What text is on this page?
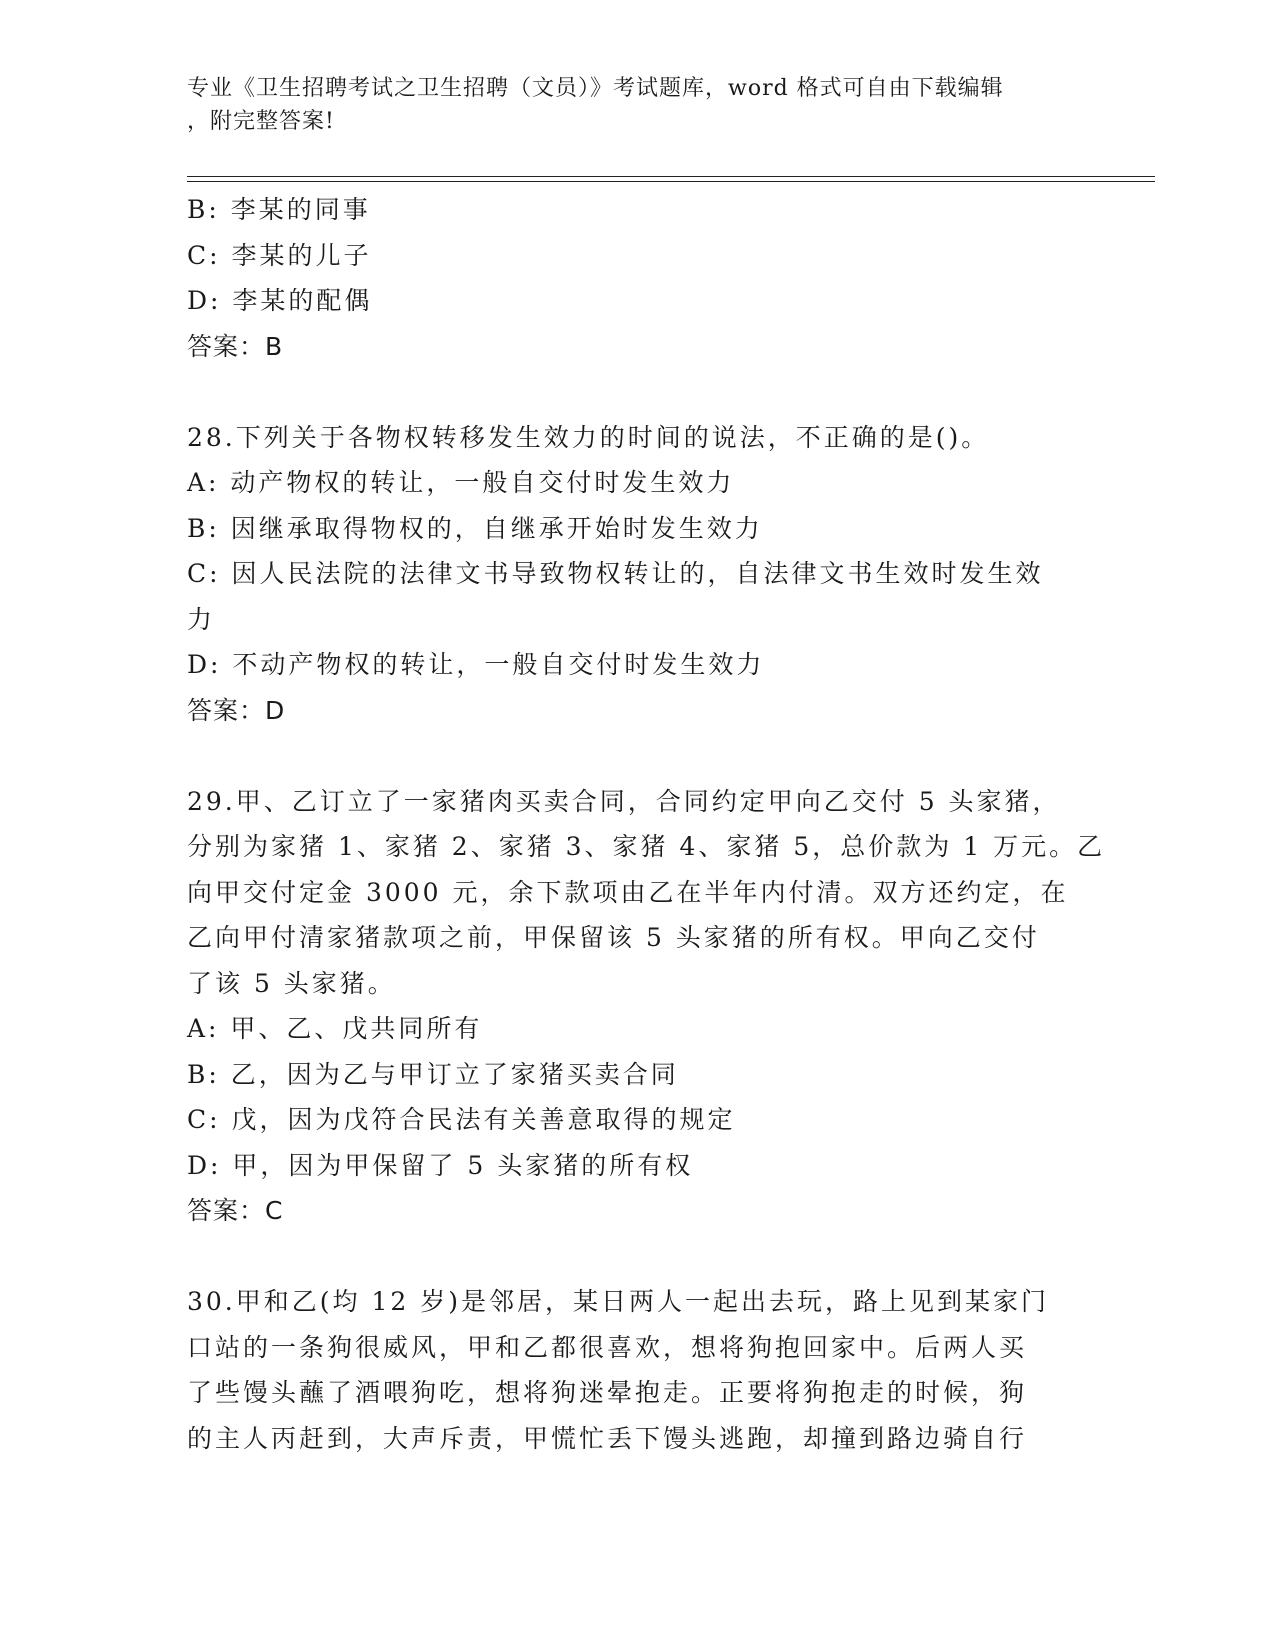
专业《卫生招聘考试之卫生招聘（文员）》考试题库，word 格式可自由下载编辑
，附完整答案!
B: 李某的同事
C: 李某的儿子
D: 李某的配偶
答案：B
28.下列关于各物权转移发生效力的时间的说法，不正确的是()。
A: 动产物权的转让，一般自交付时发生效力
B: 因继承取得物权的，自继承开始时发生效力
C: 因人民法院的法律文书导致物权转让的，自法律文书生效时发生效
力
D: 不动产物权的转让，一般自交付时发生效力
答案：D
29.甲、乙订立了一家猪肉买卖合同，合同约定甲向乙交付 5 头家猪，
分别为家猪 1、家猪 2、家猪 3、家猪 4、家猪 5，总价款为 1 万元。乙
向甲交付定金 3000 元，余下款项由乙在半年内付清。双方还约定，在
乙向甲付清家猪款项之前，甲保留该 5 头家猪的所有权。甲向乙交付
了该 5 头家猪。
A: 甲、乙、戊共同所有
B: 乙，因为乙与甲订立了家猪买卖合同
C: 戊，因为戊符合民法有关善意取得的规定
D: 甲，因为甲保留了 5 头家猪的所有权
答案：C
30.甲和乙(均 12 岁)是邻居，某日两人一起出去玩，路上见到某家门
口站的一条狗很威风，甲和乙都很喜欢，想将狗抱回家中。后两人买
了些馒头蘸了酒喂狗吃，想将狗迷晕抱走。正要将狗抱走的时候，狗
的主人丙赶到，大声斥责，甲慌忙丢下馒头逃跑，却撞到路边骑自行
